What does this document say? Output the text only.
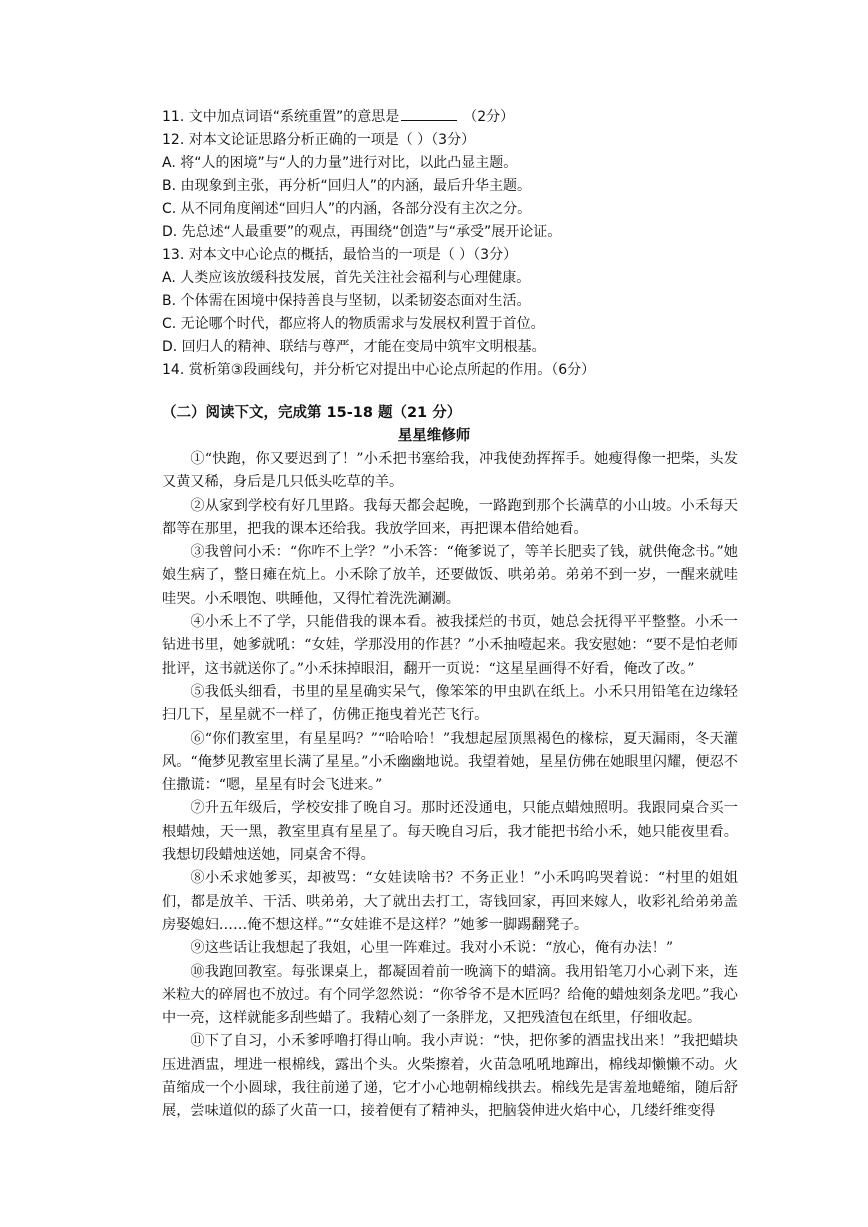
11. 文中加点词语“系统重置”的意思是	（2分）
12. 对本文论证思路分析正确的一项是（ ）（3分）
A. 将“人的困境”与“人的力量”进行对比，以此凸显主题。
B. 由现象到主张，再分析“回归人”的内涵，最后升华主题。
C. 从不同角度阐述“回归人”的内涵，各部分没有主次之分。
D. 先总述“人最重要”的观点，再围绕“创造”与“承受”展开论证。
13. 对本文中心论点的概括，最恰当的一项是（ ）（3分）
A. 人类应该放缓科技发展，首先关注社会福利与心理健康。
B. 个体需在困境中保持善良与坚韧，以柔韧姿态面对生活。
C. 无论哪个时代，都应将人的物质需求与发展权利置于首位。
D. 回归人的精神、联结与尊严，才能在变局中筑牢文明根基。
14. 赏析第③段画线句，并分析它对提出中心论点所起的作用。（6分）
（二）阅读下文，完成第 15-18 题（21 分）
星星维修师

①“快跑，你又要迟到了！”小禾把书塞给我，冲我使劲挥挥手。她瘦得像一把柴，头发又黄又稀，身后是几只低头吃草的羊。

②从家到学校有好几里路。我每天都会起晚，一路跑到那个长满草的小山坡。小禾每天都等在那里，把我的课本还给我。我放学回来，再把课本借给她看。

③我曾问小禾：“你咋不上学？”小禾答：“俺爹说了，等羊长肥卖了钱，就供俺念书。”她娘生病了，整日瘫在炕上。小禾除了放羊，还要做饭、哄弟弟。弟弟不到一岁，一醒来就哇哇哭。小禾喂饱、哄睡他，又得忙着洗洗涮涮。

④小禾上不了学，只能借我的课本看。被我揉烂的书页，她总会抚得平平整整。小禾一钻进书里，她爹就吼：“女娃，学那没用的作甚？”小禾抽噎起来。我安慰她：“要不是怕老师批评，这书就送你了。”小禾抹掉眼泪，翻开一页说：“这星星画得不好看，俺改了改。”

⑤我低头细看，书里的星星确实呆气，像笨笨的甲虫趴在纸上。小禾只用铅笔在边缘轻扫几下，星星就不一样了，仿佛正拖曳着光芒飞行。

⑥“你们教室里，有星星吗？”“哈哈哈！”我想起屋顶黑褐色的椽棕，夏天漏雨，冬天灌风。“俺梦见教室里长满了星星。”小禾幽幽地说。我望着她，星星仿佛在她眼里闪耀，便忍不住撒谎：“嗯，星星有时会飞进来。”

⑦升五年级后，学校安排了晚自习。那时还没通电，只能点蜡烛照明。我跟同桌合买一根蜡烛，天一黑，教室里真有星星了。每天晚自习后，我才能把书给小禾，她只能夜里看。我想切段蜡烛送她，同桌舍不得。

⑧小禾求她爹买，却被骂：“女娃读啥书？不务正业！”小禾呜呜哭着说：“村里的姐姐们，都是放羊、干活、哄弟弟，大了就出去打工，寄钱回家，再回来嫁人，收彩礼给弟弟盖房娶媳妇……俺不想这样。”“女娃谁不是这样？”她爹一脚踢翻凳子。

⑨这些话让我想起了我姐，心里一阵难过。我对小禾说：“放心，俺有办法！”

⑩我跑回教室。每张课桌上，都凝固着前一晚滴下的蜡滴。我用铅笔刀小心剥下来，连米粒大的碎屑也不放过。有个同学忽然说：“你爷爷不是木匠吗？给俺的蜡烛刻条龙吧。”我心中一亮，这样就能多刮些蜡了。我精心刻了一条胖龙，又把残渣包在纸里，仔细收起。

⑪下了自习，小禾爹呼噜打得山响。我小声说：“快，把你爹的酒盅找出来！”我把蜡块压进酒盅，埋进一根棉线，露出个头。火柴擦着，火苗急吼吼地蹿出，棉线却懒懒不动。火苗缩成一个小圆球，我往前递了递，它才小心地朝棉线拱去。棉线先是害羞地蜷缩，随后舒展，尝味道似的舔了火苗一口，接着便有了精神头，把脑袋伸进火焰中心，几缕纤维变得
